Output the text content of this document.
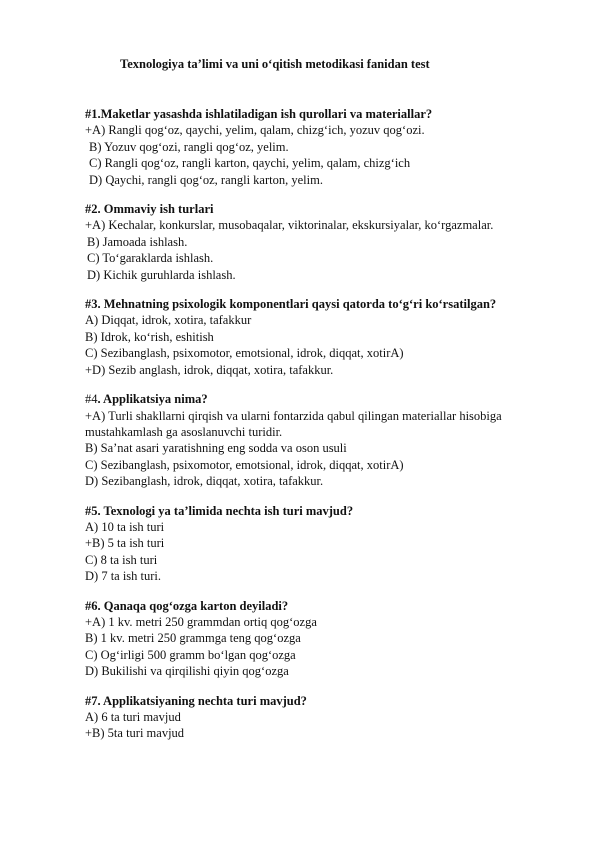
Texnologiya ta’limi va uni o‘qitish metodikasi fanidan test
#1.Maketlar yasashda ishlatiladigan ish qurollari va materiallar?
+A) Rangli qog‘oz, qaychi, yelim, qalam, chizg‘ich, yozuv qog‘ozi.
B) Yozuv qog‘ozi, rangli qog‘oz, yelim.
C) Rangli qog‘oz, rangli karton, qaychi, yelim, qalam, chizg‘ich
D) Qaychi, rangli qog‘oz, rangli karton, yelim.
#2. Ommaviy ish turlari
+A) Kechalar, konkurslar, musobaqalar, viktorinalar, ekskursiyalar, ko‘rgazmalar.
B) Jamoada ishlash.
C) To‘garaklarda ishlash.
D) Kichik guruhlarda ishlash.
#3. Mehnatning psixologik komponentlari qaysi qatorda to‘g‘ri ko‘rsatilgan?
A) Diqqat, idrok, xotira, tafakkur
B) Idrok, ko‘rish, eshitish
C) Sezibanglash, psixomotor, emotsional, idrok, diqqat, xotirA)
+D) Sezib anglash, idrok, diqqat, xotira, tafakkur.
#4. Applikatsiya nima?
+A) Turli shakllarni qirqish va ularni fontarzida qabul qilingan materiallar hisobiga mustahkamlash ga asoslanuvchi turidir.
B) Sa’nat asari yaratishning eng sodda va oson usuli
C) Sezibanglash, psixomotor, emotsional, idrok, diqqat, xotirA)
D) Sezibanglash, idrok, diqqat, xotira, tafakkur.
#5. Texnologi ya ta’limida nechta ish turi mavjud?
A) 10 ta ish turi
+B) 5 ta ish turi
C) 8 ta ish turi
D) 7 ta ish turi.
#6. Qanaqa qog‘ozga karton deyiladi?
+A) 1 kv. metri 250 grammdan ortiq qog‘ozga
B) 1 kv. metri 250 grammga teng qog‘ozga
C) Og‘irligi 500 gramm bo‘lgan qog‘ozga
D) Bukilishi va qirqilishi qiyin qog‘ozga
#7. Applikatsiyaning nechta turi mavjud?
A) 6 ta turi mavjud
+B) 5ta turi mavjud
